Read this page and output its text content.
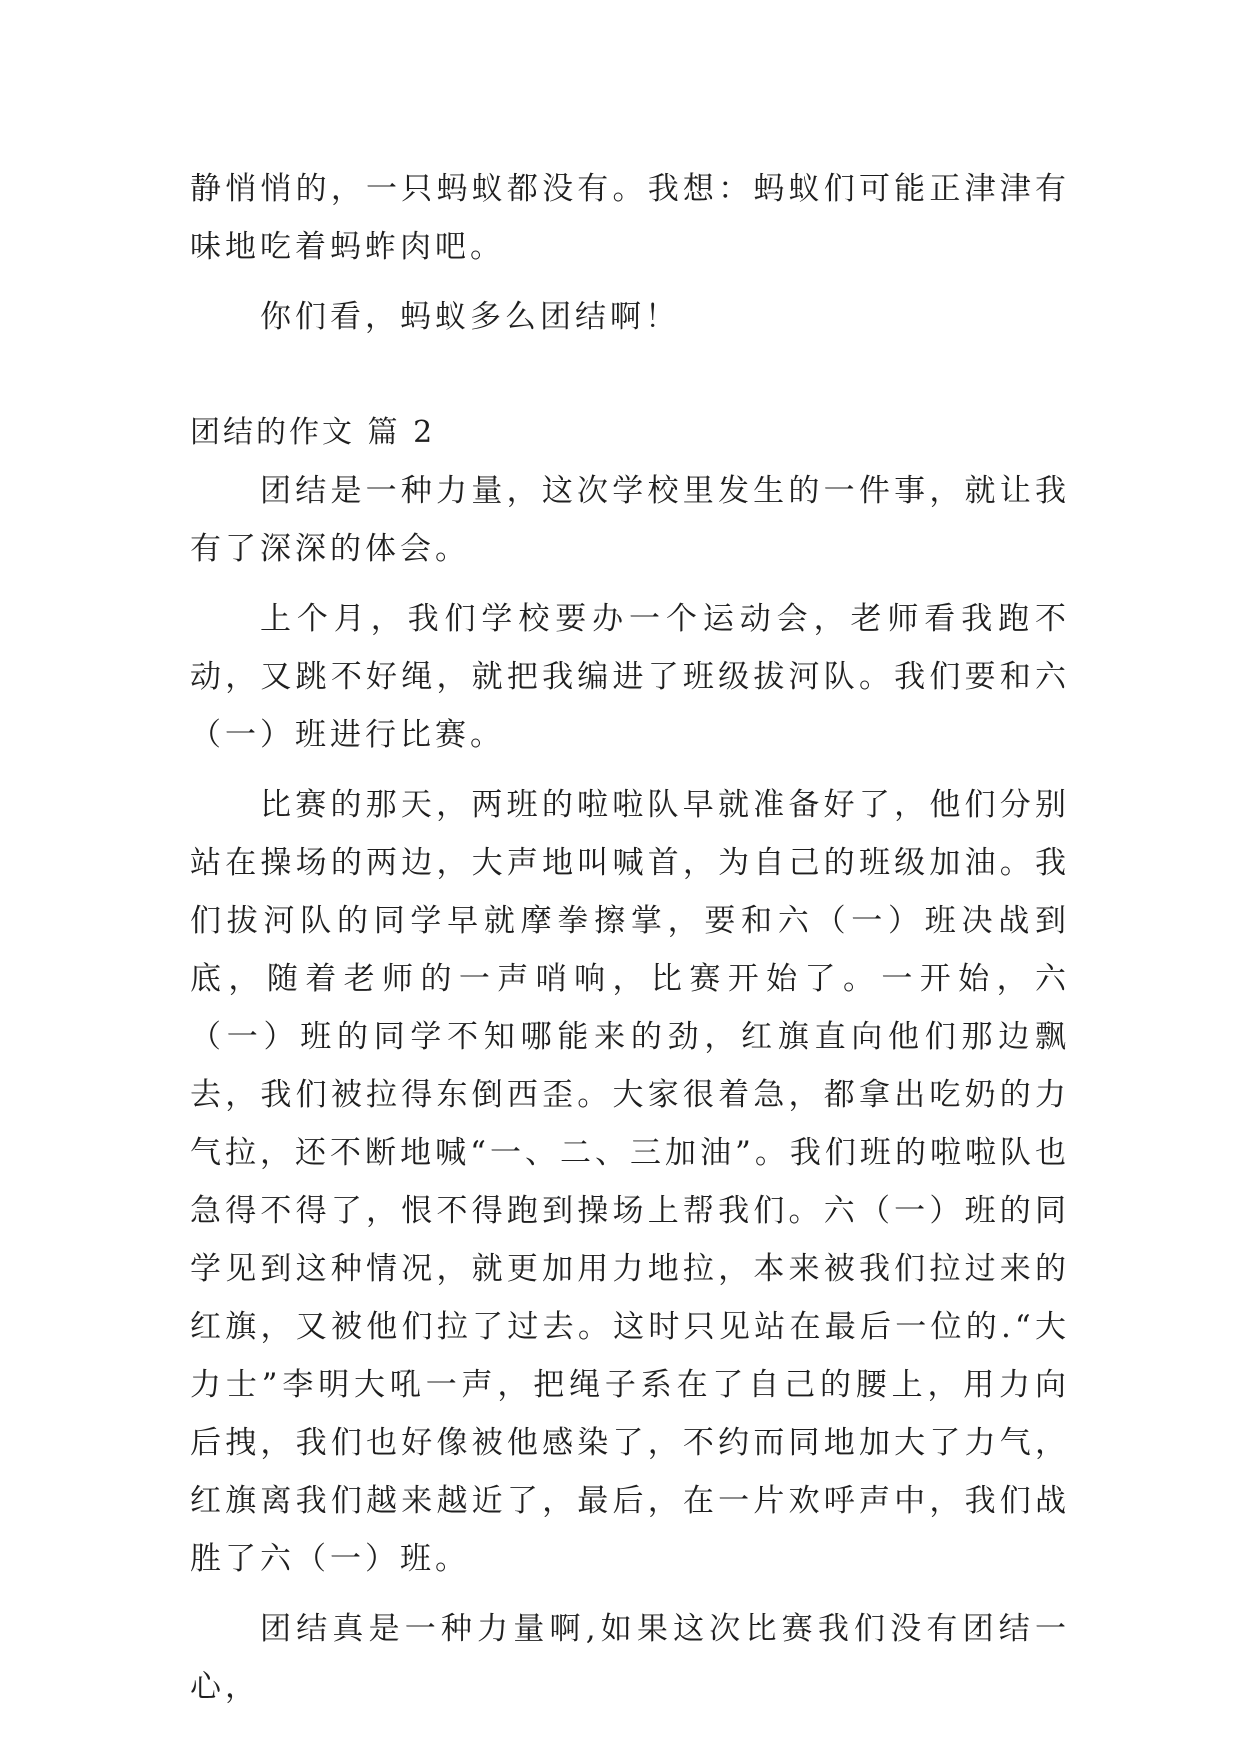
静悄悄的，一只蚂蚁都没有。我想：蚂蚁们可能正津津有味地吃着蚂蚱肉吧。

你们看，蚂蚁多么团结啊！

团结的作文 篇 2

团结是一种力量，这次学校里发生的一件事，就让我有了深深的体会。

上个月，我们学校要办一个运动会，老师看我跑不动，又跳不好绳，就把我编进了班级拔河队。我们要和六（一）班进行比赛。

比赛的那天，两班的啦啦队早就准备好了，他们分别站在操场的两边，大声地叫喊首，为自己的班级加油。我们拔河队的同学早就摩拳擦掌，要和六（一）班决战到底，随着老师的一声哨响，比赛开始了。一开始，六（一）班的同学不知哪能来的劲，红旗直向他们那边飘去，我们被拉得东倒西歪。大家很着急，都拿出吃奶的力气拉，还不断地喊“一、二、三加油”。我们班的啦啦队也急得不得了，恨不得跑到操场上帮我们。六（一）班的同学见到这种情况，就更加用力地拉，本来被我们拉过来的红旗，又被他们拉了过去。这时只见站在最后一位的.“大力士”李明大吼一声，把绳子系在了自己的腰上，用力向后拽，我们也好像被他感染了，不约而同地加大了力气，红旗离我们越来越近了，最后，在一片欢呼声中，我们战胜了六（一）班。

团结真是一种力量啊,如果这次比赛我们没有团结一心，
